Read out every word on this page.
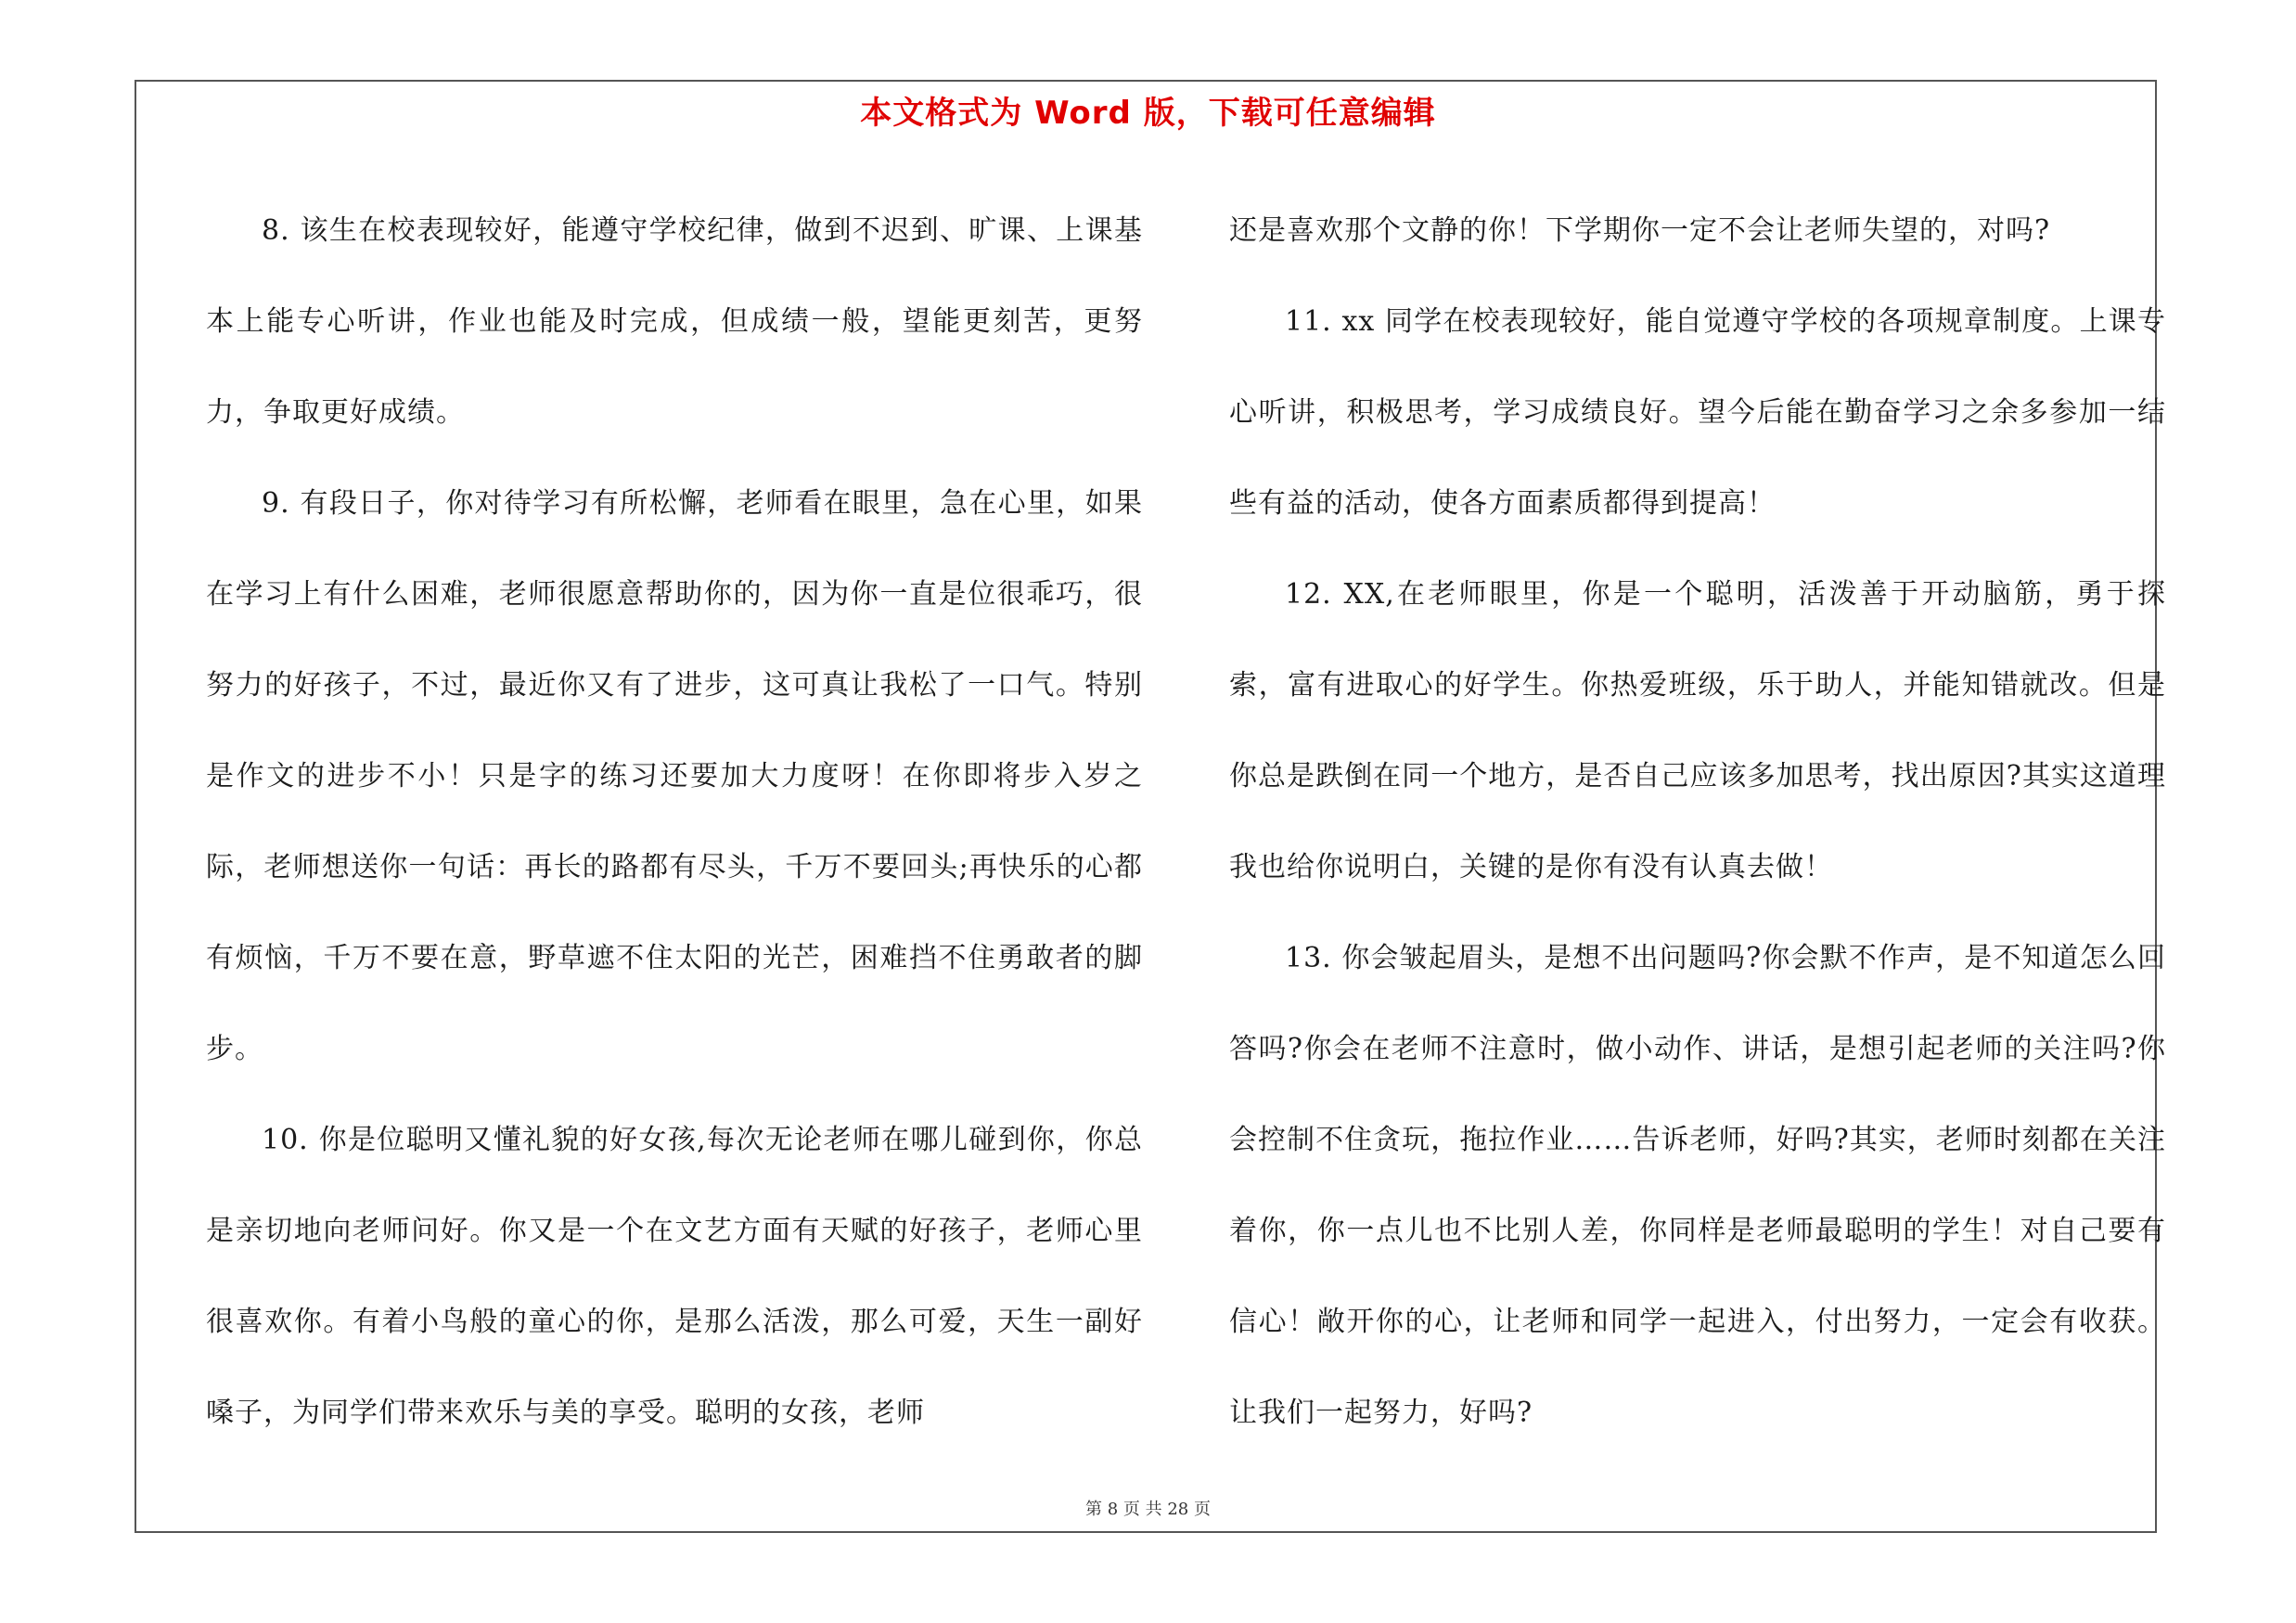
本文格式为 Word 版，下载可任意编辑

8. 该生在校表现较好，能遵守学校纪律，做到不迟到、旷课、上课基本上能专心听讲，作业也能及时完成，但成绩一般，望能更刻苦，更努力，争取更好成绩。

9. 有段日子，你对待学习有所松懈，老师看在眼里，急在心里，如果在学习上有什么困难，老师很愿意帮助你的，因为你一直是位很乖巧，很努力的好孩子，不过，最近你又有了进步，这可真让我松了一口气。特别是作文的进步不小！只是字的练习还要加大力度呀！在你即将步入岁之际，老师想送你一句话：再长的路都有尽头，千万不要回头;再快乐的心都有烦恼，千万不要在意，野草遮不住太阳的光芒，困难挡不住勇敢者的脚步。

10. 你是位聪明又懂礼貌的好女孩,每次无论老师在哪儿碰到你，你总是亲切地向老师问好。你又是一个在文艺方面有天赋的好孩子，老师心里很喜欢你。有着小鸟般的童心的你，是那么活泼，那么可爱，天生一副好嗓子，为同学们带来欢乐与美的享受。聪明的女孩，老师

还是喜欢那个文静的你！下学期你一定不会让老师失望的，对吗?

11. xx 同学在校表现较好，能自觉遵守学校的各项规章制度。上课专心听讲，积极思考，学习成绩良好。望今后能在勤奋学习之余多参加一结些有益的活动，使各方面素质都得到提高！

12. XX,在老师眼里，你是一个聪明，活泼善于开动脑筋，勇于探索，富有进取心的好学生。你热爱班级，乐于助人，并能知错就改。但是你总是跌倒在同一个地方，是否自己应该多加思考，找出原因?其实这道理我也给你说明白，关键的是你有没有认真去做！

13. 你会皱起眉头，是想不出问题吗?你会默不作声，是不知道怎么回答吗?你会在老师不注意时，做小动作、讲话，是想引起老师的关注吗?你会控制不住贪玩，拖拉作业……告诉老师，好吗?其实，老师时刻都在关注着你，你一点儿也不比别人差，你同样是老师最聪明的学生！对自己要有信心！敞开你的心，让老师和同学一起进入，付出努力，一定会有收获。让我们一起努力，好吗?

第 8 页 共 28 页
